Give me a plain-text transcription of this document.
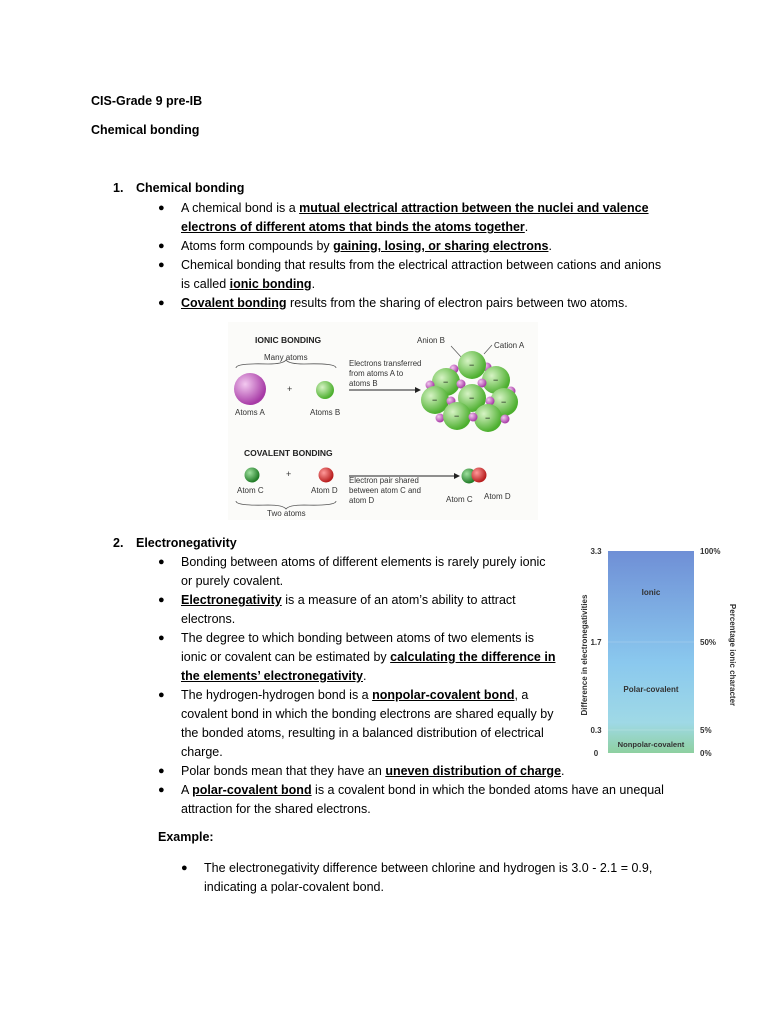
CIS-Grade 9 pre-IB
Chemical bonding
1. Chemical bonding
● A chemical bond is a mutual electrical attraction between the nuclei and valence
electrons of different atoms that binds the atoms together.
● Atoms form compounds by gaining, losing, or sharing electrons.
● Chemical bonding that results from the electrical attraction between cations and anions
is called ionic bonding.
● Covalent bonding results from the sharing of electron pairs between two atoms.
IONIC BONDING
Many atoms
+
Atoms A	Atoms B
Electrons transferred
from atoms A to
atoms B
Anion B
Cation A
−
−	−
−	−	−
−	−
COVALENT BONDING
+
Atom C	Atom D
Two atoms
Electron pair shared
between atom C and
atom D	Atom C Atom D
2. Electronegativity
● Bonding between atoms of different elements is rarely purely ionic
or purely covalent.
● Electronegativity is a measure of an atom’s ability to attract
electrons.
● The degree to which bonding between atoms of two elements is
ionic or covalent can be estimated by calculating the difference in
the elements’ electronegativity.
● The hydrogen-hydrogen bond is a nonpolar-covalent bond, a
covalent bond in which the bonding electrons are shared equally by
the bonded atoms, resulting in a balanced distribution of electrical
charge.
● Polar bonds mean that they have an uneven distribution of charge.
● A polar-covalent bond is a covalent bond in which the bonded atoms have an unequal
attraction for the shared electrons.
0	0%
0.3	5%
1.7	50%
3.3	100%
Difference in electronegativities	Percentage ionic character
Ionic
Polar-covalent
Nonpolar-covalent
Example:
● The electronegativity difference between chlorine and hydrogen is 3.0 - 2.1 = 0.9,
indicating a polar-covalent bond.
